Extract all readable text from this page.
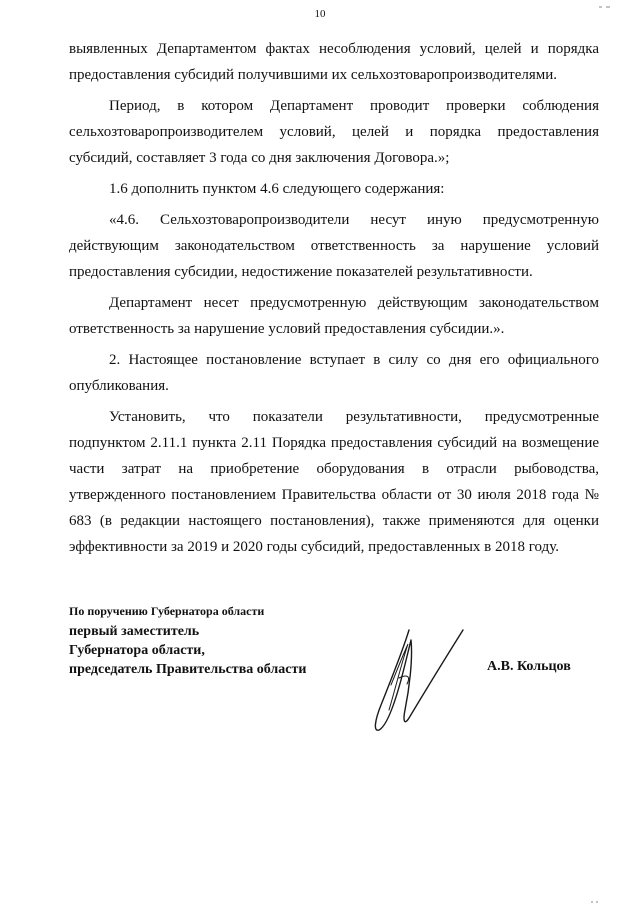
10

выявленных Департаментом фактах несоблюдения условий, целей и порядка предоставления субсидий получившими их сельхозтоваропроизводителями.

Период, в котором Департамент проводит проверки соблюдения сельхозтоваропроизводителем условий, целей и порядка предоставления субсидий, составляет 3 года со дня заключения Договора.»;

1.6 дополнить пунктом 4.6 следующего содержания:

«4.6. Сельхозтоваропроизводители несут иную предусмотренную действующим законодательством ответственность за нарушение условий предоставления субсидии, недостижение показателей результативности.

Департамент несет предусмотренную действующим законодательством ответственность за нарушение условий предоставления субсидии.».

2. Настоящее постановление вступает в силу со дня его официального опубликования.

Установить, что показатели результативности, предусмотренные подпунктом 2.11.1 пункта 2.11 Порядка предоставления субсидий на возмещение части затрат на приобретение оборудования в отрасли рыбоводства, утвержденного постановлением Правительства области от 30 июля 2018 года № 683 (в редакции настоящего постановления), также применяются для оценки эффективности за 2019 и 2020 годы субсидий, предоставленных в 2018 году.

По поручению Губернатора области
первый заместитель
Губернатора области,
председатель Правительства области	А.В. Кольцов
